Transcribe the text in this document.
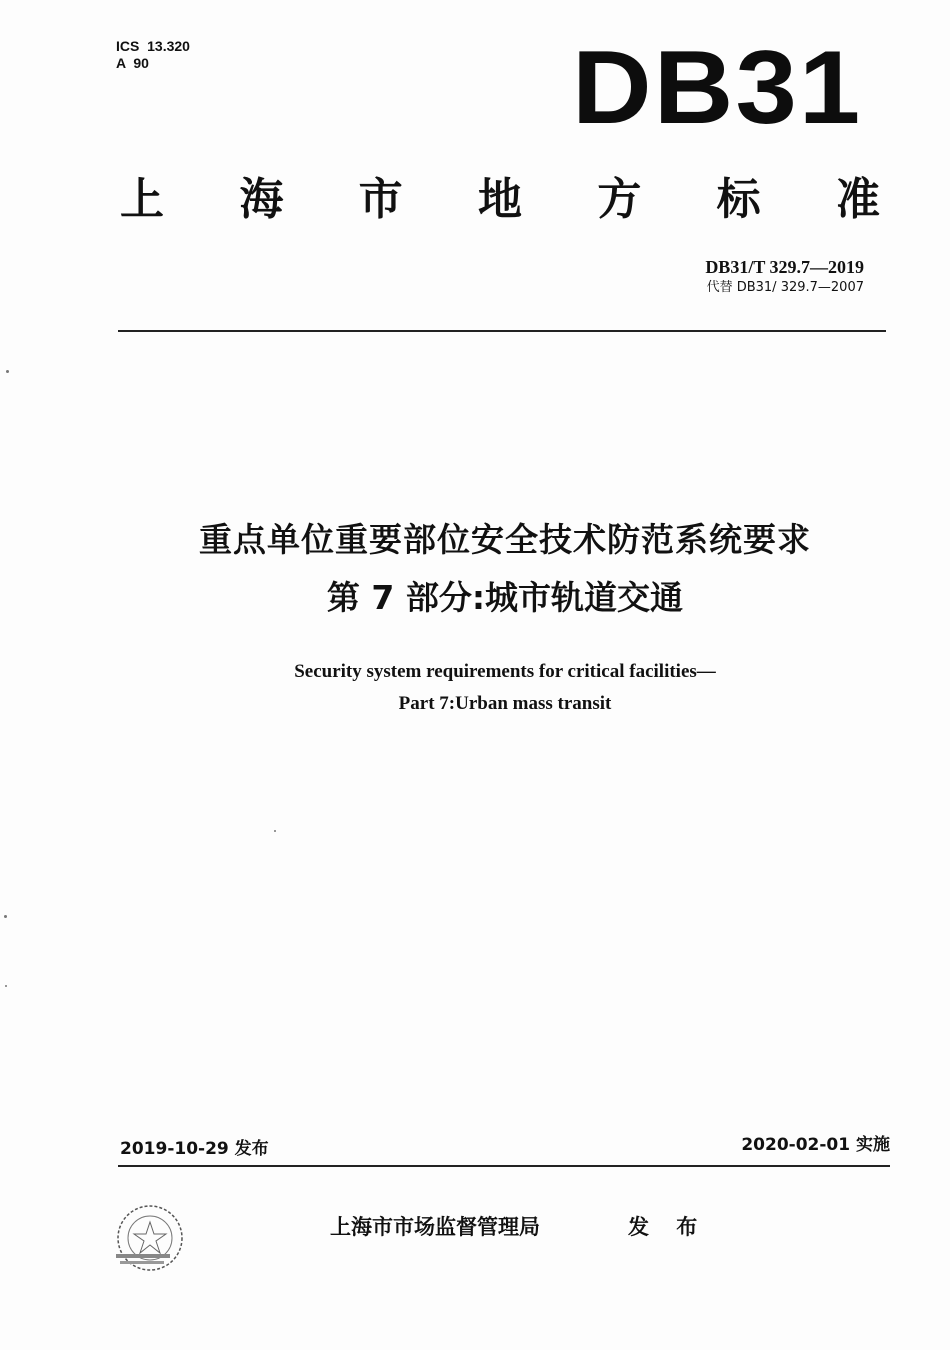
ICS  13.320
A  90	DB31
上 海 市 地 方 标 准
DB31/T 329.7—2019
代替 DB31/ 329.7—2007
重点单位重要部位安全技术防范系统要求
第 7 部分:城市轨道交通
Security system requirements for critical facilities—
Part 7:Urban mass transit
2019-10-29 发布	2020-02-01 实施
上海市市场监督管理局	发 布
